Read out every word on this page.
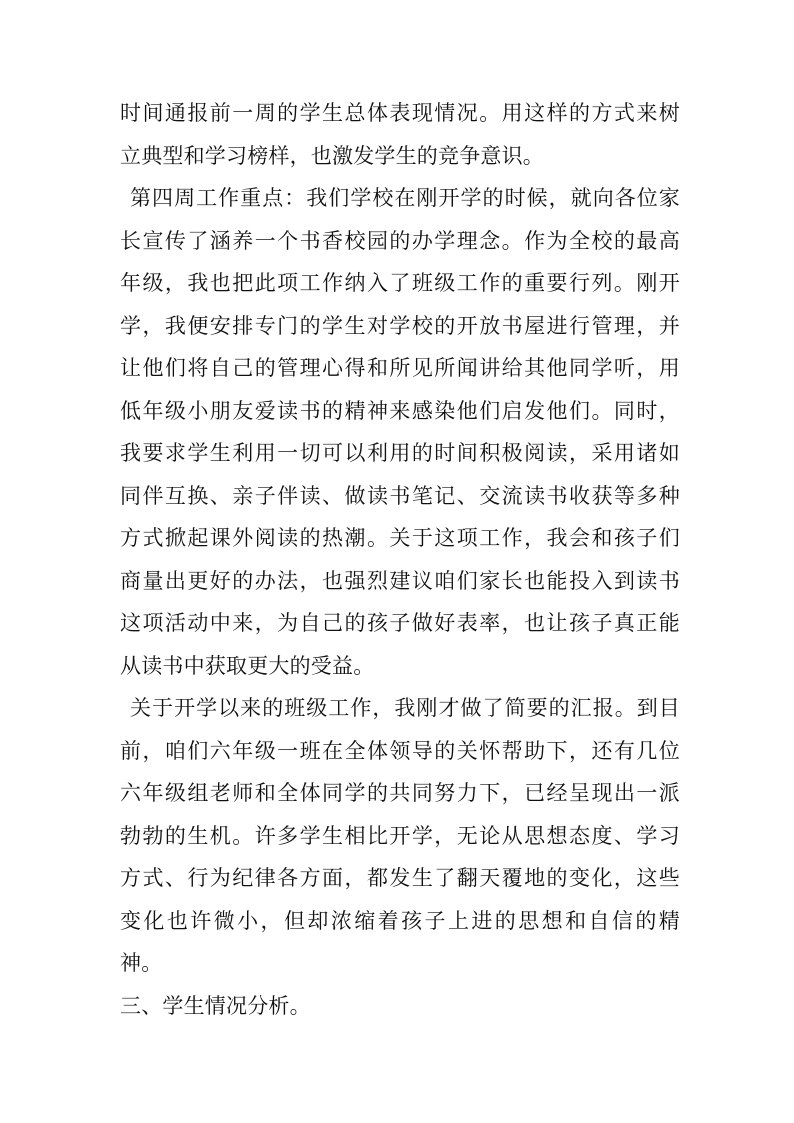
时间通报前一周的学生总体表现情况。用这样的方式来树
立典型和学习榜样，也激发学生的竞争意识。
第四周工作重点：我们学校在刚开学的时候，就向各位家
长宣传了涵养一个书香校园的办学理念。作为全校的最高
年级，我也把此项工作纳入了班级工作的重要行列。刚开
学，我便安排专门的学生对学校的开放书屋进行管理，并
让他们将自己的管理心得和所见所闻讲给其他同学听，用
低年级小朋友爱读书的精神来感染他们启发他们。同时，
我要求学生利用一切可以利用的时间积极阅读，采用诸如
同伴互换、亲子伴读、做读书笔记、交流读书收获等多种
方式掀起课外阅读的热潮。关于这项工作，我会和孩子们
商量出更好的办法，也强烈建议咱们家长也能投入到读书
这项活动中来，为自己的孩子做好表率，也让孩子真正能
从读书中获取更大的受益。
关于开学以来的班级工作，我刚才做了简要的汇报。到目
前，咱们六年级一班在全体领导的关怀帮助下，还有几位
六年级组老师和全体同学的共同努力下，已经呈现出一派
勃勃的生机。许多学生相比开学，无论从思想态度、学习
方式、行为纪律各方面，都发生了翻天覆地的变化，这些
变化也许微小，但却浓缩着孩子上进的思想和自信的精
神。
三、学生情况分析。
